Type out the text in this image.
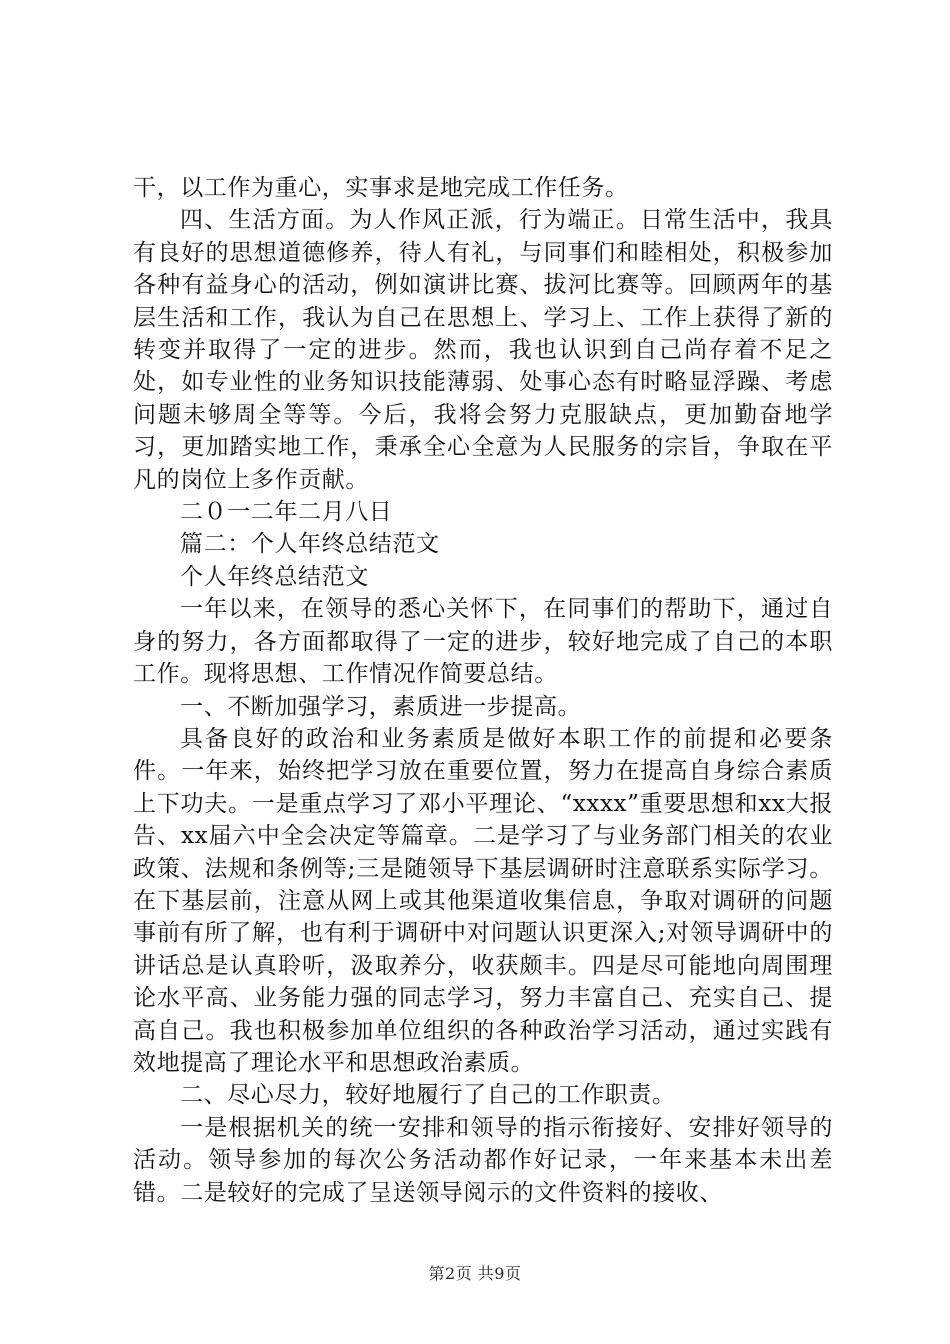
干，以工作为重心，实事求是地完成工作任务。

四、生活方面。为人作风正派，行为端正。日常生活中，我具有良好的思想道德修养，待人有礼，与同事们和睦相处，积极参加各种有益身心的活动，例如演讲比赛、拔河比赛等。回顾两年的基层生活和工作，我认为自己在思想上、学习上、工作上获得了新的转变并取得了一定的进步。然而，我也认识到自己尚存着不足之处，如专业性的业务知识技能薄弱、处事心态有时略显浮躁、考虑问题未够周全等等。今后，我将会努力克服缺点，更加勤奋地学习，更加踏实地工作，秉承全心全意为人民服务的宗旨，争取在平凡的岗位上多作贡献。

二０一二年二月八日

篇二：个人年终总结范文

个人年终总结范文

一年以来，在领导的悉心关怀下，在同事们的帮助下，通过自身的努力，各方面都取得了一定的进步，较好地完成了自己的本职工作。现将思想、工作情况作简要总结。

一、不断加强学习，素质进一步提高。

具备良好的政治和业务素质是做好本职工作的前提和必要条件。一年来，始终把学习放在重要位置，努力在提高自身综合素质上下功夫。一是重点学习了邓小平理论、“xxxx”重要思想和xx大报告、xx届六中全会决定等篇章。二是学习了与业务部门相关的农业政策、法规和条例等;三是随领导下基层调研时注意联系实际学习。在下基层前，注意从网上或其他渠道收集信息，争取对调研的问题事前有所了解，也有利于调研中对问题认识更深入;对领导调研中的讲话总是认真聆听，汲取养分，收获颇丰。四是尽可能地向周围理论水平高、业务能力强的同志学习，努力丰富自己、充实自己、提高自己。我也积极参加单位组织的各种政治学习活动，通过实践有效地提高了理论水平和思想政治素质。

二、尽心尽力，较好地履行了自己的工作职责。

一是根据机关的统一安排和领导的指示衔接好、安排好领导的活动。领导参加的每次公务活动都作好记录，一年来基本未出差错。二是较好的完成了呈送领导阅示的文件资料的接收、

第2页 共9页
